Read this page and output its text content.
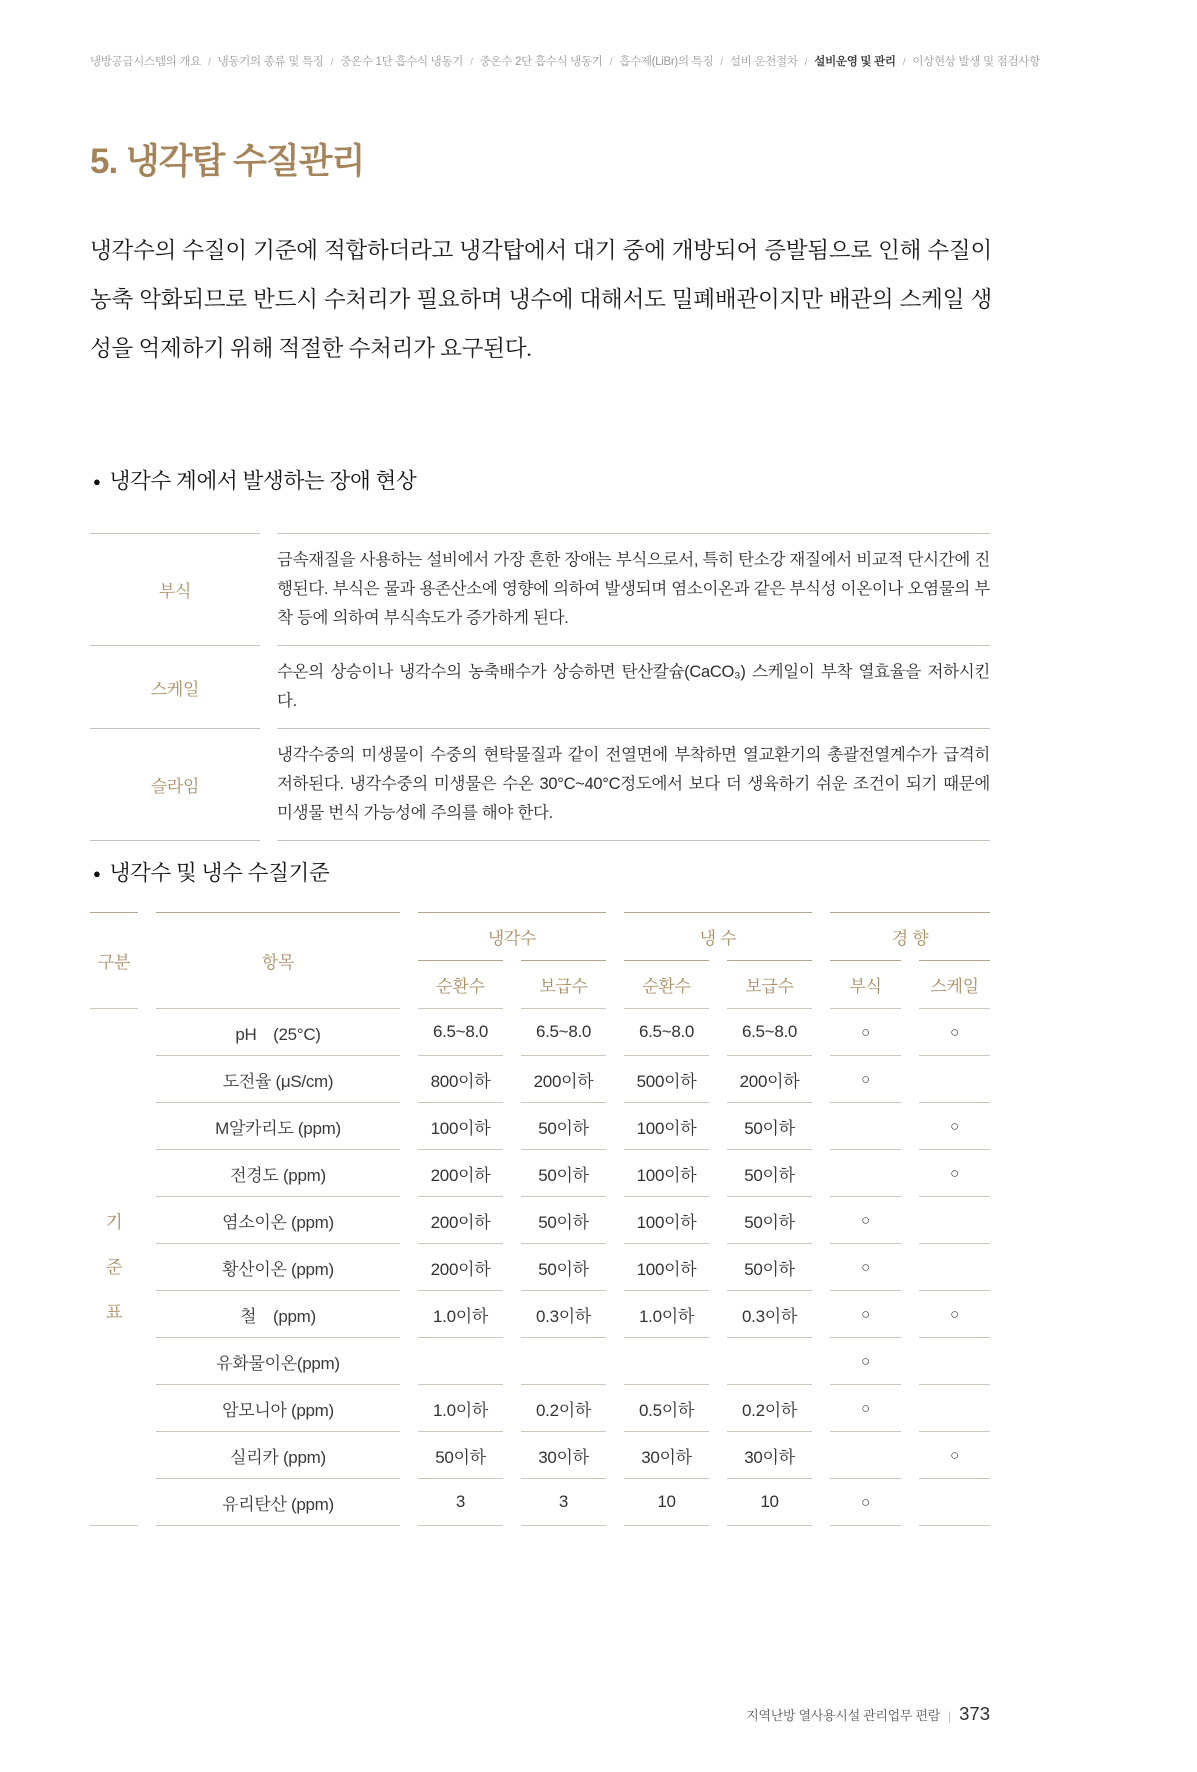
냉방공급시스템의 개요 / 냉동기의 종류 및 특징 / 중온수 1단 흡수식 냉동기 / 중온수 2단 흡수식 냉동기 / 흡수제(LiBr)의 특징 / 설비 운전절차 / 설비운영 및 관리 / 이상현상 발생 및 점검사항
5. 냉각탑 수질관리

냉각수의 수질이 기준에 적합하더라고 냉각탑에서 대기 중에 개방되어 증발됨으로 인해 수질이 농축 악화되므로 반드시 수처리가 필요하며 냉수에 대해서도 밀폐배관이지만 배관의 스케일 생성을 억제하기 위해 적절한 수처리가 요구된다.

● 냉각수 계에서 발생하는 장애 현상
부식
금속재질을 사용하는 설비에서 가장 흔한 장애는 부식으로서, 특히 탄소강 재질에서 비교적 단시간에 진행된다. 부식은 물과 용존산소에 영향에 의하여 발생되며 염소이온과 같은 부식성 이온이나 오염물의 부착 등에 의하여 부식속도가 증가하게 된다.
스케일
수온의 상승이나 냉각수의 농축배수가 상승하면 탄산칼슘(CaCO₃) 스케일이 부착 열효율을 저하시킨다.
슬라임
냉각수중의 미생물이 수중의 현탁물질과 같이 전열면에 부착하면 열교환기의 총괄전열계수가 급격히 저하된다. 냉각수중의 미생물은 수온 30°C~40°C정도에서 보다 더 생육하기 쉬운 조건이 되기 때문에 미생물 번식 가능성에 주의를 해야 한다.
● 냉각수 및 냉수 수질기준
구분	항목	냉각수		냉 수		경 향	
		순환수	보급수	순환수	보급수	부식	스케일

기
준
표	pH　(25°C)	6.5~8.0	6.5~8.0	6.5~8.0	6.5~8.0	○	○
	도전율 (μS/cm)	800이하	200이하	500이하	200이하	○	
	M알카리도 (ppm)	100이하	50이하	100이하	50이하		○
	전경도 (ppm)	200이하	50이하	100이하	50이하		○
	염소이온 (ppm)	200이하	50이하	100이하	50이하	○	
	황산이온 (ppm)	200이하	50이하	100이하	50이하	○	
	철　(ppm)	1.0이하	0.3이하	1.0이하	0.3이하	○	○
	유화물이온(ppm)					○	
	암모니아 (ppm)	1.0이하	0.2이하	0.5이하	0.2이하	○	
	실리카 (ppm)	50이하	30이하	30이하	30이하		○
	유리탄산 (ppm)	3	3	10	10	○	

지역난방 열사용시설 관리업무 편람 | 373
